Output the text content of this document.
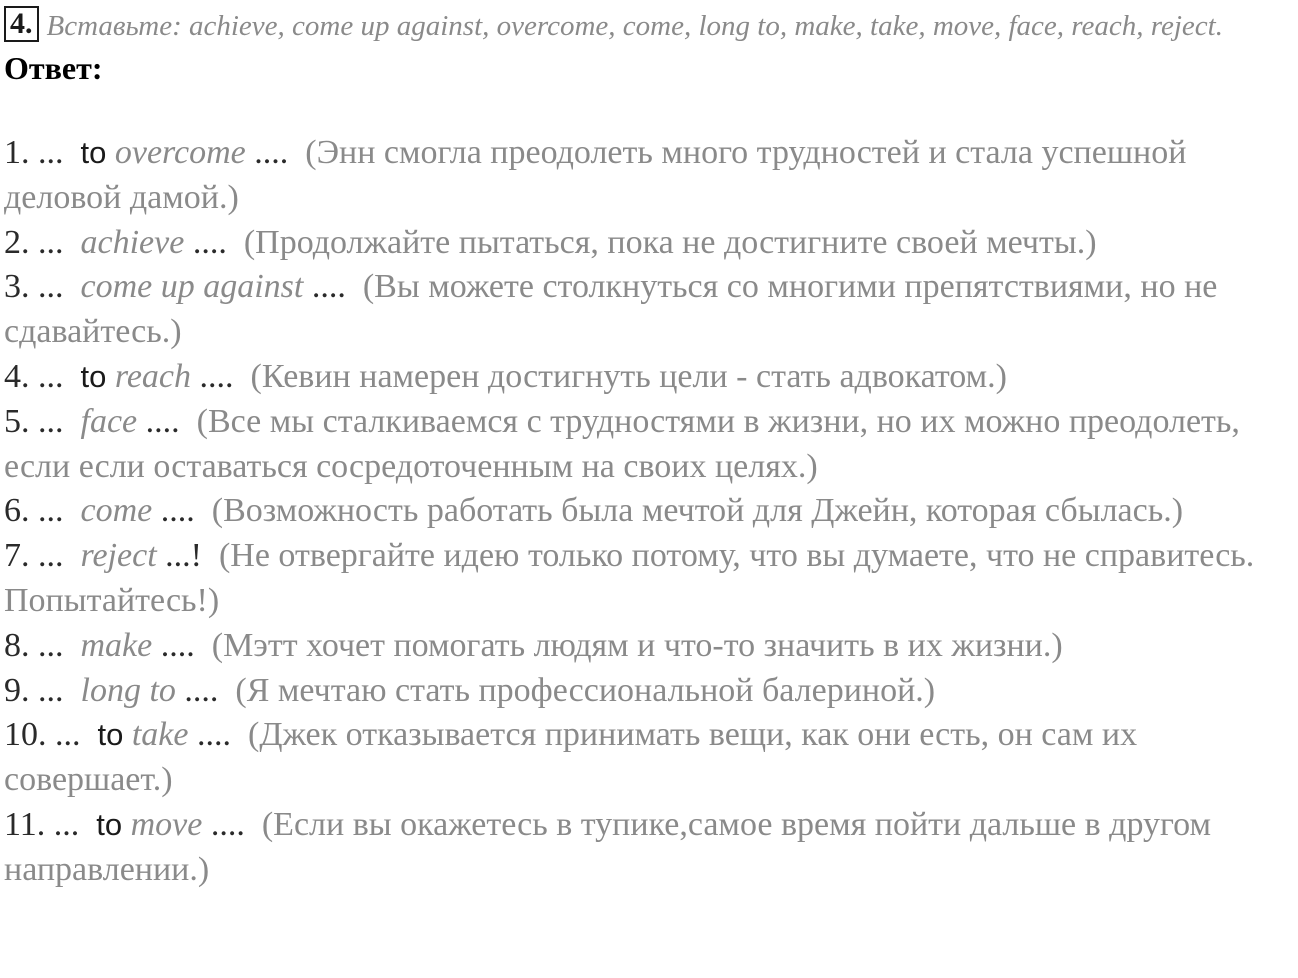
4. Вставьте: achieve, come up against, overcome, come, long to, make, take, move, face, reach, reject.

Ответ:
1. ... to overcome .... (Энн смогла преодолеть много трудностей и стала успешной деловой дамой.)
2. ... achieve .... (Продолжайте пытаться, пока не достигните своей мечты.)
3. ... come up against .... (Вы можете столкнуться со многими препятствиями, но не сдавайтесь.)
4. ... to reach .... (Кевин намерен достигнуть цели - стать адвокатом.)
5. ... face .... (Все мы сталкиваемся с трудностями в жизни, но их можно преодолеть, если если оставаться сосредоточенным на своих целях.)
6. ... come .... (Возможность работать была мечтой для Джейн, которая сбылась.)
7. ... reject ...! (Не отвергайте идею только потому, что вы думаете, что не справитесь. Попытайтесь!)
8. ... make .... (Мэтт хочет помогать людям и что-то значить в их жизни.)
9. ... long to .... (Я мечтаю стать профессиональной балериной.)
10. ... to take .... (Джек отказывается принимать вещи, как они есть, он сам их совершает.)
11. ... to move .... (Если вы окажетесь в тупике,самое время пойти дальше в другом направлении.)
